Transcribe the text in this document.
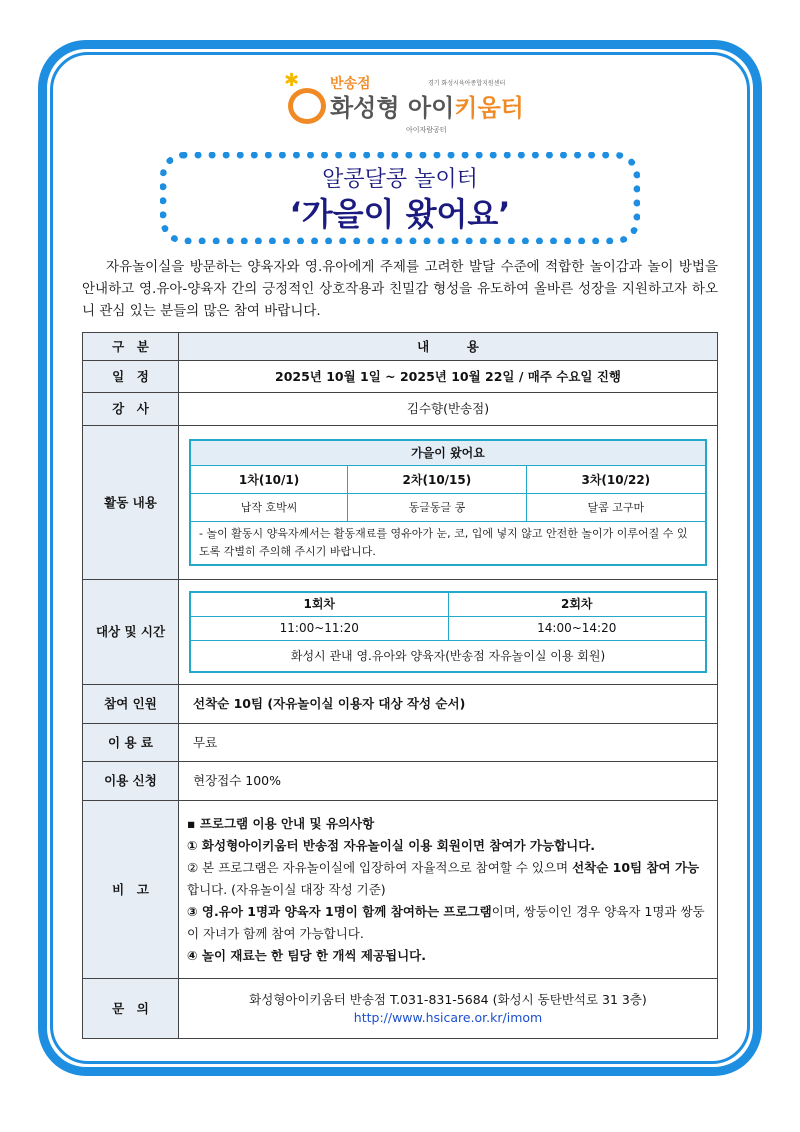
✱ 반송점	경기 화성시육아종합지원센터
화성형 아이키움터
아이자람공터
알콩달콩 놀이터
‘가을이 왔어요’

자유놀이실을 방문하는 양육자와 영.유아에게 주제를 고려한 발달 수준에 적합한 놀이감과 놀이 방법을 안내하고 영.유아-양육자 간의 긍정적인 상호작용과 친밀감 형성을 유도하여 올바른 성장을 지원하고자 하오니 관심 있는 분들의 많은 참여 바랍니다.

구　분	내　　　용
일　정	2025년 10월 1일 ~ 2025년 10월 22일 / 매주 수요일 진행
강　사	김수향(반송점)
활동 내용	
가을이 왔어요
1차(10/1)	2차(10/15)	3차(10/22)
납작 호박씨	동글동글 콩	달콤 고구마
- 놀이 활동시 양육자께서는 활동재료를 영유아가 눈, 코, 입에 넣지 않고 안전한 놀이가 이루어질 수 있도록 각별히 주의해 주시기 바랍니다.

대상 및 시간	
1회차	2회차
11:00~11:20	14:00~14:20
화성시 관내 영.유아와 양육자(반송점 자유놀이실 이용 회원)

참여 인원	선착순 10팀 (자유놀이실 이용자 대상 작성 순서)
이 용 료	무료
이용 신청	현장접수 100%
비　고	
▪ 프로그램 이용 안내 및 유의사항
① 화성형아이키움터 반송점 자유놀이실 이용 회원이면 참여가 가능합니다.
② 본 프로그램은 자유놀이실에 입장하여 자율적으로 참여할 수 있으며 선착순 10팀 참여 가능합니다. (자유놀이실 대장 작성 기준)
③ 영.유아 1명과 양육자 1명이 함께 참여하는 프로그램이며, 쌍둥이인 경우 양육자 1명과 쌍둥이 자녀가 함께 참여 가능합니다.
④ 놀이 재료는 한 팀당 한 개씩 제공됩니다.

문　의	
화성형아이키움터 반송점 T.031-831-5684 (화성시 동탄반석로 31 3층)
http://www.hsicare.or.kr/imom
